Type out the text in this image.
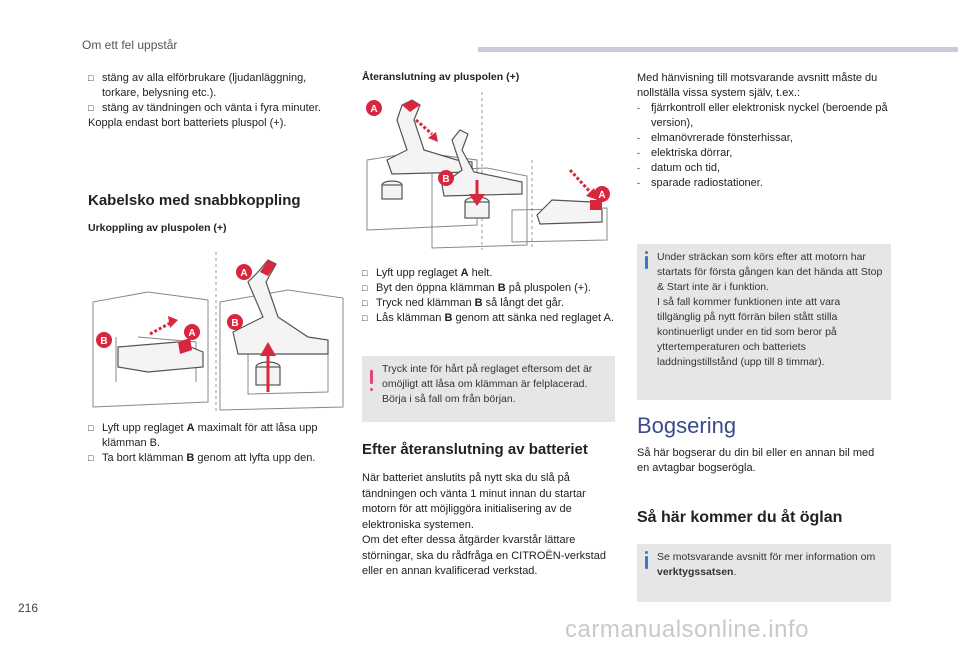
Om ett fel uppstår
□ stäng av alla elförbrukare (ljudanläggning, torkare, belysning etc.).
□ stäng av tändningen och vänta i fyra minuter.
Koppla endast bort batteriets pluspol (+).
Kabelsko med snabbkoppling
Urkoppling av pluspolen (+)
B
A
A
B
□ Lyft upp reglaget A maximalt för att låsa upp klämman B.
□ Ta bort klämman B genom att lyfta upp den.
Återanslutning av pluspolen (+)
A
B
A
□ Lyft upp reglaget A helt.
□ Byt den öppna klämman B på pluspolen (+).
□ Tryck ned klämman B så långt det går.
□ Lås klämman B genom att sänka ned reglaget A.
Tryck inte för hårt på reglaget eftersom det är omöjligt att låsa om klämman är felplacerad. Börja i så fall om från början.
Efter återanslutning av batteriet
När batteriet anslutits på nytt ska du slå på tändningen och vänta 1 minut innan du startar motorn för att möjliggöra initialisering av de elektroniska systemen.
Om det efter dessa åtgärder kvarstår lättare störningar, ska du rådfråga en CITROËN-verkstad eller en annan kvalificerad verkstad.
Med hänvisning till motsvarande avsnitt måste du nollställa vissa system själv, t.ex.:
-	fjärrkontroll eller elektronisk nyckel (beroende på version),
-	elmanövrerade fönsterhissar,
-	elektriska dörrar,
-	datum och tid,
-	sparade radiostationer.
Under sträckan som körs efter att motorn har startats för första gången kan det hända att Stop & Start inte är i funktion.
I så fall kommer funktionen inte att vara tillgänglig på nytt förrän bilen stått stilla kontinuerligt under en tid som beror på yttertemperaturen och batteriets laddningstillstånd (upp till 8 timmar).
Bogsering
Så här bogserar du din bil eller en annan bil med en avtagbar bogserögla.
Så här kommer du åt öglan
Se motsvarande avsnitt för mer information om verktygssatsen.
216
carmanualsonline.info
